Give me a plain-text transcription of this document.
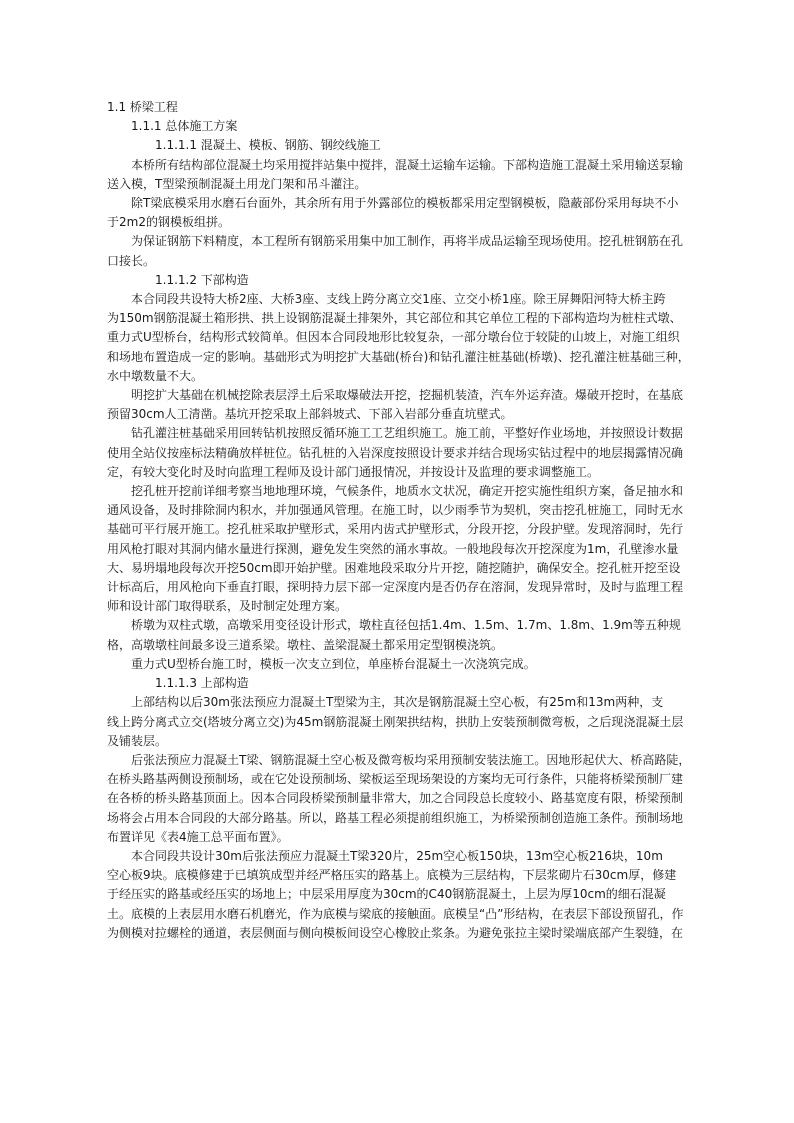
1.1 桥梁工程

1.1.1 总体施工方案

1.1.1.1 混凝土、模板、钢筋、钢绞线施工

本桥所有结构部位混凝土均采用搅拌站集中搅拌，混凝土运输车运输。下部构造施工混凝土采用输送泵输

送入模，T型梁预制混凝土用龙门架和吊斗灌注。

除T梁底模采用水磨石台面外，其余所有用于外露部位的模板都采用定型钢模板，隐蔽部份采用每块不小

于2m2的钢模板组拼。

为保证钢筋下料精度，本工程所有钢筋采用集中加工制作，再将半成品运输至现场使用。挖孔桩钢筋在孔

口接长。

1.1.1.2 下部构造

本合同段共设特大桥2座、大桥3座、支线上跨分离立交1座、立交小桥1座。除王屏舞阳河特大桥主跨

为150m钢筋混凝土箱形拱、拱上设钢筋混凝土排架外，其它部位和其它单位工程的下部构造均为桩柱式墩、

重力式U型桥台，结构形式较简单。但因本合同段地形比较复杂，一部分墩台位于较陡的山坡上，对施工组织

和场地布置造成一定的影响。基础形式为明挖扩大基础(桥台)和钻孔灌注桩基础(桥墩)、挖孔灌注桩基础三种，

水中墩数量不大。

明挖扩大基础在机械挖除表层浮土后采取爆破法开挖，挖掘机装渣，汽车外运弃渣。爆破开挖时，在基底

预留30cm人工清凿。基坑开挖采取上部斜坡式、下部入岩部分垂直坑壁式。

钻孔灌注桩基础采用回转钻机按照反循环施工工艺组织施工。施工前，平整好作业场地，并按照设计数据

使用全站仪按座标法精确放样桩位。钻孔桩的入岩深度按照设计要求并结合现场实钻过程中的地层揭露情况确

定，有较大变化时及时向监理工程师及设计部门通报情况，并按设计及监理的要求调整施工。

挖孔桩开挖前详细考察当地地理环境，气候条件，地质水文状况，确定开挖实施性组织方案，备足抽水和

通风设备，及时排除洞内积水，并加强通风管理。在施工时，以少雨季节为契机，突击挖孔桩施工，同时无水

基础可平行展开施工。挖孔桩采取护壁形式，采用内齿式护壁形式，分段开挖，分段护壁。发现溶洞时，先行

用风枪打眼对其洞内储水量进行探测，避免发生突然的涌水事故。一般地段每次开挖深度为1m，孔壁渗水量

大、易坍塌地段每次开挖50cm即开始护壁。困难地段采取分片开挖，随挖随护，确保安全。挖孔桩开挖至设

计标高后，用风枪向下垂直打眼，探明持力层下部一定深度内是否仍存在溶洞，发现异常时，及时与监理工程

师和设计部门取得联系，及时制定处理方案。

桥墩为双柱式墩，高墩采用变径设计形式，墩柱直径包括1.4m、1.5m、1.7m、1.8m、1.9m等五种规

格，高墩墩柱间最多设三道系梁。墩柱、盖梁混凝土都采用定型钢模浇筑。

重力式U型桥台施工时，模板一次支立到位，单座桥台混凝土一次浇筑完成。

1.1.1.3 上部构造

上部结构以后30m张法预应力混凝土T型梁为主，其次是钢筋混凝土空心板，有25m和13m两种，支

线上跨分离式立交(塔坡分离立交)为45m钢筋混凝土刚架拱结构，拱肋上安装预制微弯板，之后现浇混凝土层

及铺装层。

后张法预应力混凝土T梁、钢筋混凝土空心板及微弯板均采用预制安装法施工。因地形起伏大、桥高路陡，

在桥头路基两侧设预制场，或在它处设预制场、梁板运至现场架设的方案均无可行条件，只能将桥梁预制厂建

在各桥的桥头路基顶面上。因本合同段桥梁预制量非常大，加之合同段总长度较小、路基宽度有限，桥梁预制

场将会占用本合同段的大部分路基。所以，路基工程必须提前组织施工，为桥梁预制创造施工条件。预制场地

布置详见《表4施工总平面布置》。

本合同段共设计30m后张法预应力混凝土T梁320片，25m空心板150块，13m空心板216块，10m

空心板9块。底模修建于已填筑成型并经严格压实的路基上。底模为三层结构，下层浆砌片石30cm厚，修建

于经压实的路基或经压实的场地上；中层采用厚度为30cm的C40钢筋混凝土，上层为厚10cm的细石混凝

土。底模的上表层用水磨石机磨光，作为底模与梁底的接触面。底模呈“凸”形结构，在表层下部设预留孔，作

为侧模对拉螺栓的通道，表层侧面与侧向模板间设空心橡胶止浆条。为避免张拉主梁时梁端底部产生裂缝，在
